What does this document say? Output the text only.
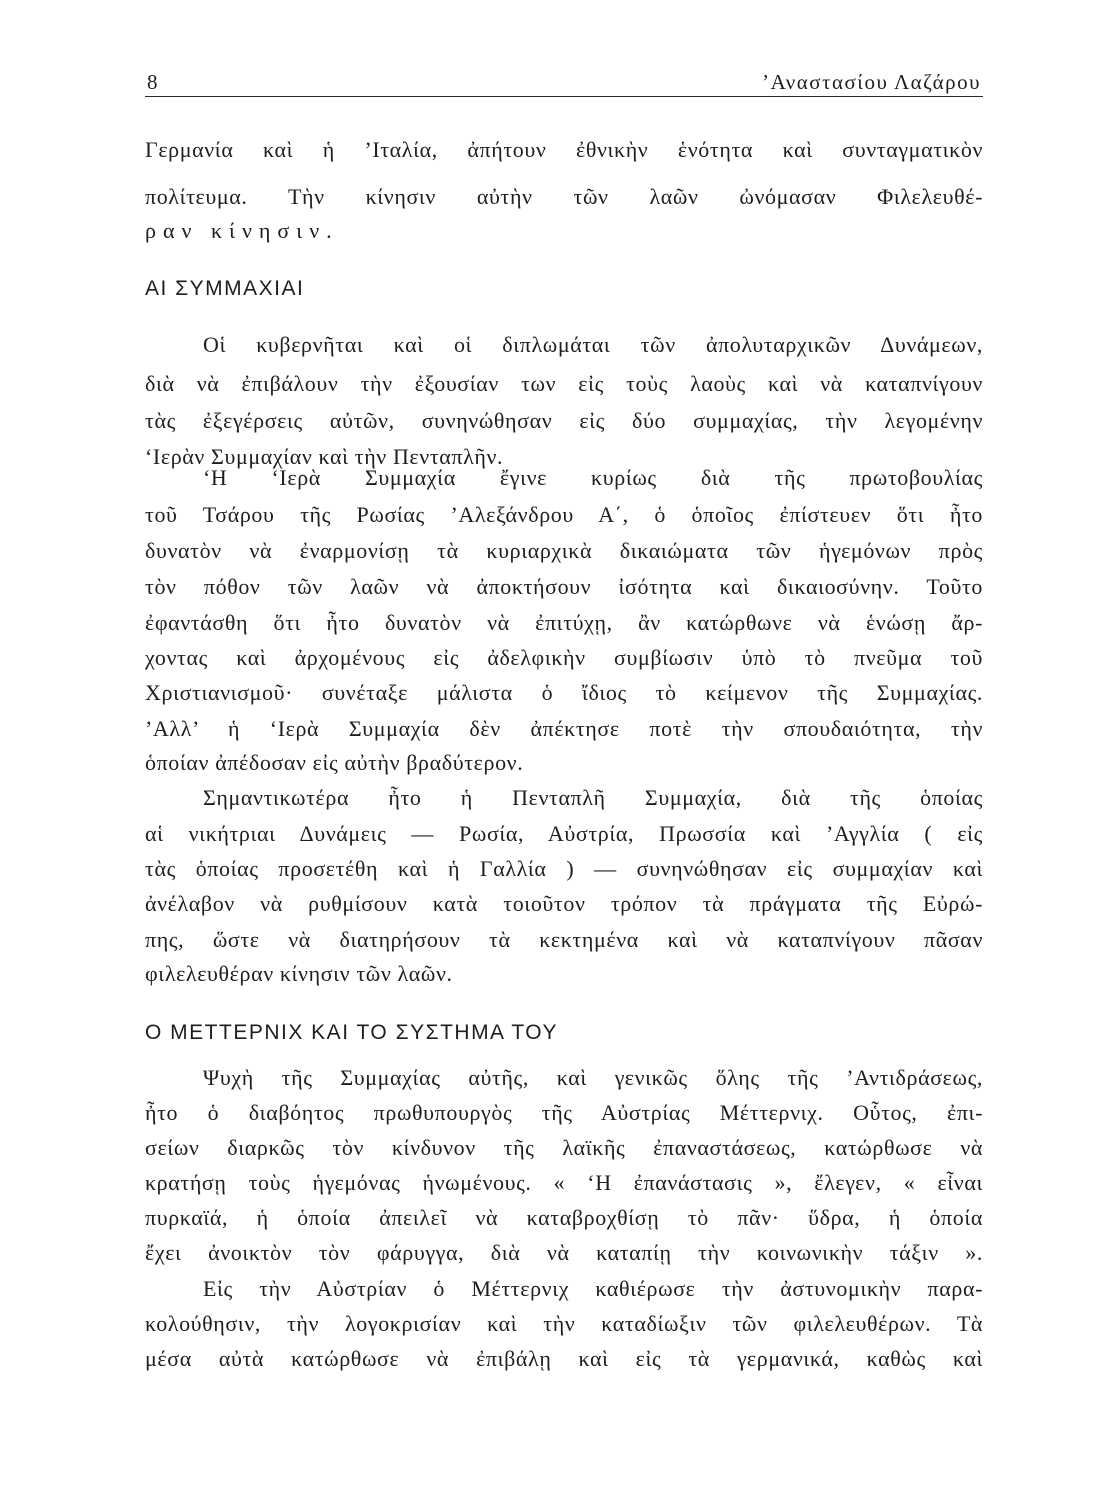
8	’Αναστασίου Λαζάρου
Γερμανία καὶ ἡ ’Ιταλία, ἀπήτουν ἐθνικὴν ἑνότητα καὶ συνταγματικὸν
πολίτευμα. Τὴν κίνησιν αὐτὴν τῶν λαῶν ὠνόμασαν Φιλελευθέ-
ραν κίνησιν.
ΑΙ ΣΥΜΜΑΧΙΑΙ
Οἱ κυβερνῆται καὶ οἱ διπλωμάται τῶν ἀπολυταρχικῶν Δυνάμεων,
διὰ νὰ ἐπιβάλουν τὴν ἐξουσίαν των εἰς τοὺς λαοὺς καὶ νὰ καταπνίγουν
τὰς ἐξεγέρσεις αὐτῶν, συνηνώθησαν εἰς δύο συμμαχίας, τὴν λεγομένην
‘Ιερὰν Συμμαχίαν καὶ τὴν Πενταπλῆν.
‘Η ‘Ιερὰ Συμμαχία ἔγινε κυρίως διὰ τῆς πρωτοβουλίας
τοῦ Τσάρου τῆς Ρωσίας ’Αλεξάνδρου Α΄, ὁ ὁποῖος ἐπίστευεν ὅτι ἦτο
δυνατὸν νὰ ἐναρμονίσῃ τὰ κυριαρχικὰ δικαιώματα τῶν ἡγεμόνων πρὸς
τὸν πόθον τῶν λαῶν νὰ ἀποκτήσουν ἰσότητα καὶ δικαιοσύνην. Τοῦτο
ἐφαντάσθη ὅτι ἦτο δυνατὸν νὰ ἐπιτύχῃ, ἂν κατώρθωνε νὰ ἑνώσῃ ἄρ-
χοντας καὶ ἀρχομένους εἰς ἀδελφικὴν συμβίωσιν ὑπὸ τὸ πνεῦμα τοῦ
Χριστιανισμοῦ· συνέταξε μάλιστα ὁ ἴδιος τὸ κείμενον τῆς Συμμαχίας.
’Αλλ’ ἡ ‘Ιερὰ Συμμαχία δὲν ἀπέκτησε ποτὲ τὴν σπουδαιότητα, τὴν
ὁποίαν ἀπέδοσαν εἰς αὐτὴν βραδύτερον.
Σημαντικωτέρα ἦτο ἡ Πενταπλῆ Συμμαχία, διὰ τῆς ὁποίας
αἱ νικήτριαι Δυνάμεις — Ρωσία, Αὐστρία, Πρωσσία καὶ ’Αγγλία ( εἰς
τὰς ὁποίας προσετέθη καὶ ἡ Γαλλία ) — συνηνώθησαν εἰς συμμαχίαν καὶ
ἀνέλαβον νὰ ρυθμίσουν κατὰ τοιοῦτον τρόπον τὰ πράγματα τῆς Εὐρώ-
πης, ὥστε νὰ διατηρήσουν τὰ κεκτημένα καὶ νὰ καταπνίγουν πᾶσαν
φιλελευθέραν κίνησιν τῶν λαῶν.
Ο ΜΕΤΤΕΡΝΙΧ ΚΑΙ ΤΟ ΣΥΣΤΗΜΑ ΤΟΥ
Ψυχὴ τῆς Συμμαχίας αὐτῆς, καὶ γενικῶς ὅλης τῆς ’Αντιδράσεως,
ἦτο ὁ διαβόητος πρωθυπουργὸς τῆς Αὐστρίας Μέττερνιχ. Οὗτος, ἐπι-
σείων διαρκῶς τὸν κίνδυνον τῆς λαϊκῆς ἐπαναστάσεως, κατώρθωσε νὰ
κρατήσῃ τοὺς ἡγεμόνας ἡνωμένους. « ‘Η ἐπανάστασις », ἔλεγεν, « εἶναι
πυρκαϊά, ἡ ὁποία ἀπειλεῖ νὰ καταβροχθίσῃ τὸ πᾶν· ὕδρα, ἡ ὁποία
ἔχει ἀνοικτὸν τὸν φάρυγγα, διὰ νὰ καταπίῃ τὴν κοινωνικὴν τάξιν ».
Εἰς τὴν Αὐστρίαν ὁ Μέττερνιχ καθιέρωσε τὴν ἀστυνομικὴν παρα-
κολούθησιν, τὴν λογοκρισίαν καὶ τὴν καταδίωξιν τῶν φιλελευθέρων. Τὰ
μέσα αὐτὰ κατώρθωσε νὰ ἐπιβάλῃ καὶ εἰς τὰ γερμανικά, καθὼς καὶ
